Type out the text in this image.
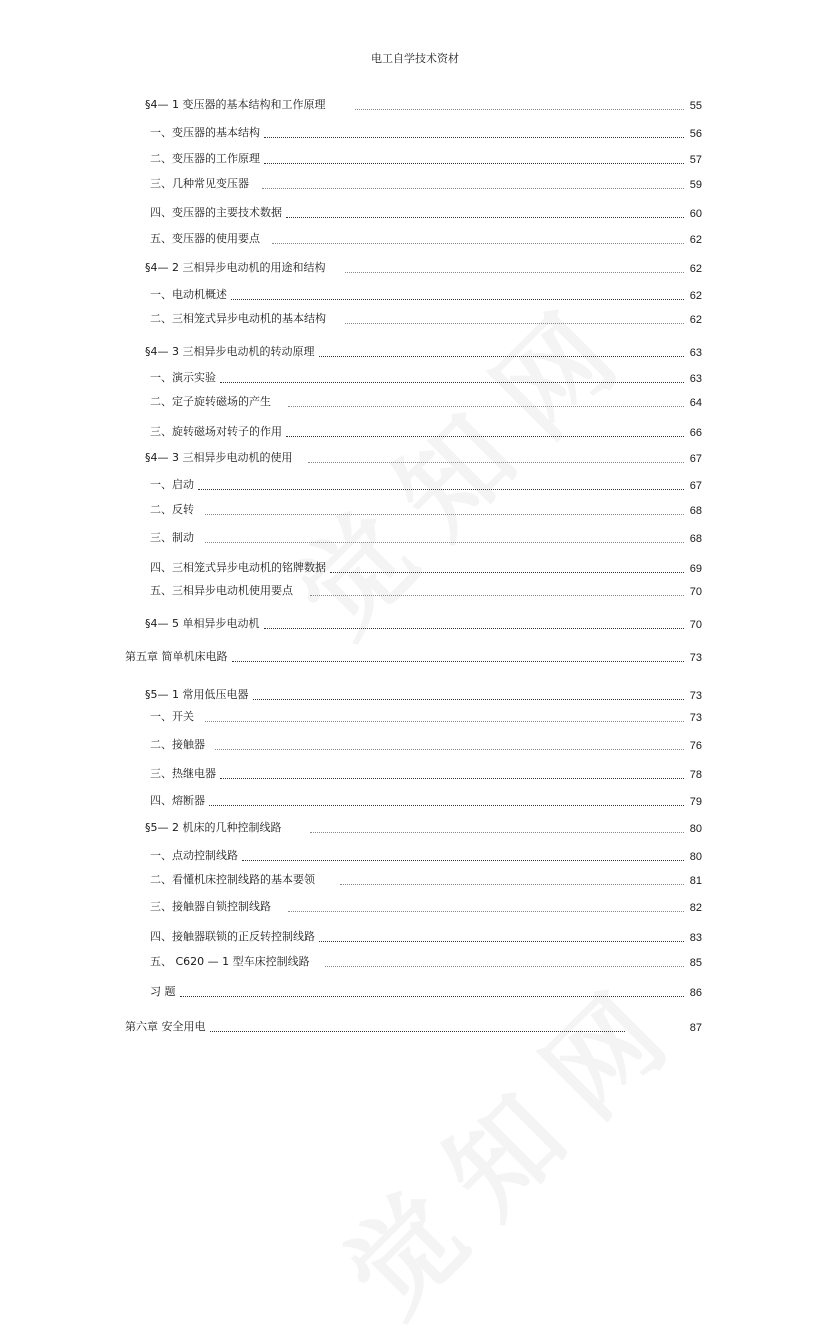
电工自学技术资材
§4— 1 变压器的基本结构和工作原理	55
一、变压器的基本结构	56
二、变压器的工作原理	57
三、几种常见变压器	59
四、变压器的主要技术数据	60
五、变压器的使用要点	62
§4— 2 三相异步电动机的用途和结构	62
一、电动机概述	62
二、三相笼式异步电动机的基本结构	62
§4— 3 三相异步电动机的转动原理	63
一、演示实验	63
二、定子旋转磁场的产生	64
三、旋转磁场对转子的作用	66
§4— 3 三相异步电动机的使用	67
一、启动	67
二、反转	68
三、制动	68
四、三相笼式异步电动机的铭牌数据	69
五、三相异步电动机使用要点	70
§4— 5 单相异步电动机	70
第五章 简单机床电路	73
§5— 1 常用低压电器	73
一、开关	73
二、接触器	76
三、热继电器	78
四、熔断器	79
§5— 2 机床的几种控制线路	80
一、点动控制线路	80
二、看懂机床控制线路的基本要领	81
三、接触器自锁控制线路	82
四、接触器联锁的正反转控制线路	83
五、 C620 — 1 型车床控制线路	85
习 题	86
第六章 安全用电	87
